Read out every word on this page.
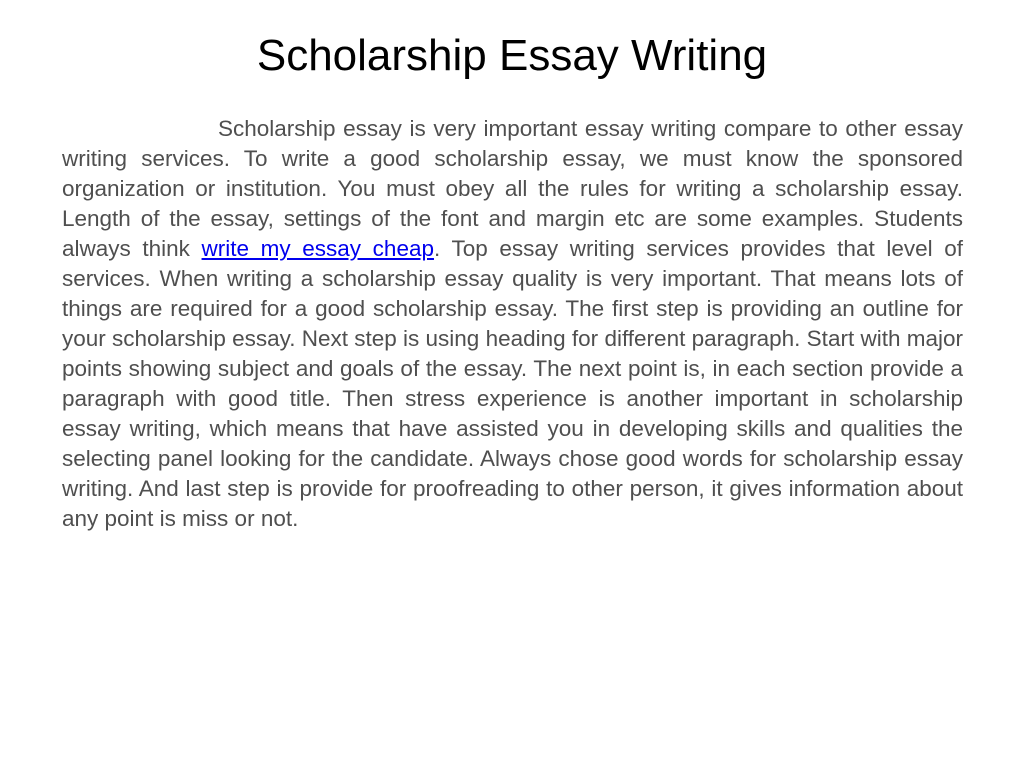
Scholarship Essay Writing

Scholarship essay is very important essay writing compare to other essay writing services. To write a good scholarship essay, we must know the sponsored organization or institution. You must obey all the rules for writing a scholarship essay. Length of the essay, settings of the font and margin etc are some examples. Students always think write my essay cheap. Top essay writing services provides that level of services. When writing a scholarship essay quality is very important. That means lots of things are required for a good scholarship essay. The first step is providing an outline for your scholarship essay. Next step is using heading for different paragraph. Start with major points showing subject and goals of the essay. The next point is, in each section provide a paragraph with good title. Then stress experience is another important in scholarship essay writing, which means that have assisted you in developing skills and qualities the selecting panel looking for the candidate. Always chose good words for scholarship essay writing. And last step is provide for proofreading to other person, it gives information about any point is miss or not.
